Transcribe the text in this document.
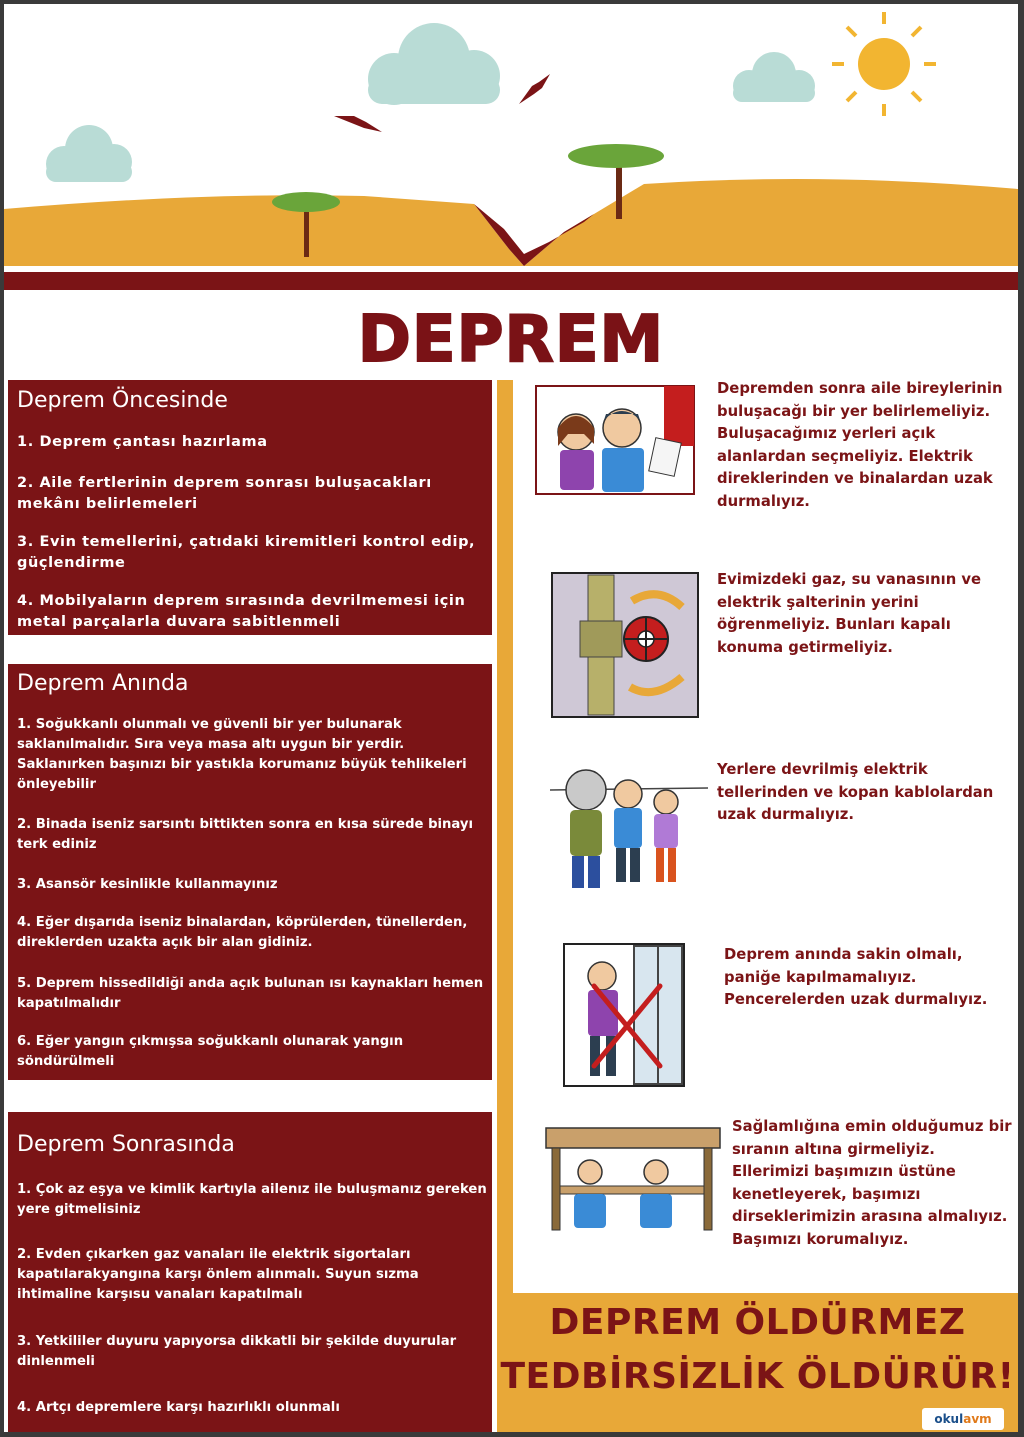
DEPREM
Deprem Öncesinde
1. Deprem çantası hazırlama
2. Aile fertlerinin deprem sonrası buluşacakları mekânı belirlemeleri
3. Evin temellerini, çatıdaki kiremitleri kontrol edip, güçlendirme
4. Mobilyaların deprem sırasında devrilmemesi için metal parçalarla duvara sabitlenmeli
Deprem Anında
1. Soğukkanlı olunmalı ve güvenli bir yer bulunarak saklanılmalıdır. Sıra veya masa altı uygun bir yerdir. Saklanırken başınızı bir yastıkla korumanız büyük tehlikeleri önleyebilir
2. Binada iseniz sarsıntı bittikten sonra en kısa sürede binayı terk ediniz
3. Asansör kesinlikle kullanmayınız
4. Eğer dışarıda iseniz binalardan, köprülerden, tünellerden, direklerden uzakta açık bir alan gidiniz.
5. Deprem hissedildiği anda açık bulunan ısı kaynakları hemen kapatılmalıdır
6. Eğer yangın çıkmışsa soğukkanlı olunarak yangın söndürülmeli
Deprem Sonrasında
1. Çok az eşya ve kimlik kartıyla ailenız ile buluşmanız gereken yere gitmelisiniz
2. Evden çıkarken gaz vanaları ile elektrik sigortaları kapatılarakyangına karşı önlem alınmalı. Suyun sızma ihtimaline karşısu vanaları kapatılmalı
3. Yetkililer duyuru yapıyorsa dikkatli bir şekilde duyurular dinlenmeli
4. Artçı depremlere karşı hazırlıklı olunmalı
Depremden sonra aile bireylerinin buluşacağı bir yer belirlemeliyiz. Buluşacağımız yerleri açık alanlardan seçmeliyiz. Elektrik direklerinden ve binalardan uzak durmalıyız.
Evimizdeki gaz, su vanasının ve elektrik şalterinin yerini öğrenmeliyiz. Bunları kapalı konuma getirmeliyiz.
Yerlere devrilmiş elektrik tellerinden ve kopan kablolardan uzak durmalıyız.
Deprem anında sakin olmalı, paniğe kapılmamalıyız. Pencerelerden uzak durmalıyız.
Sağlamlığına emin olduğumuz bir sıranın altına girmeliyiz. Ellerimizi başımızın üstüne kenetleyerek, başımızı dirseklerimizin arasına almalıyız. Başımızı korumalıyız.
DEPREM ÖLDÜRMEZ
TEDBİRSİZLİK ÖLDÜRÜR!
okulavm
